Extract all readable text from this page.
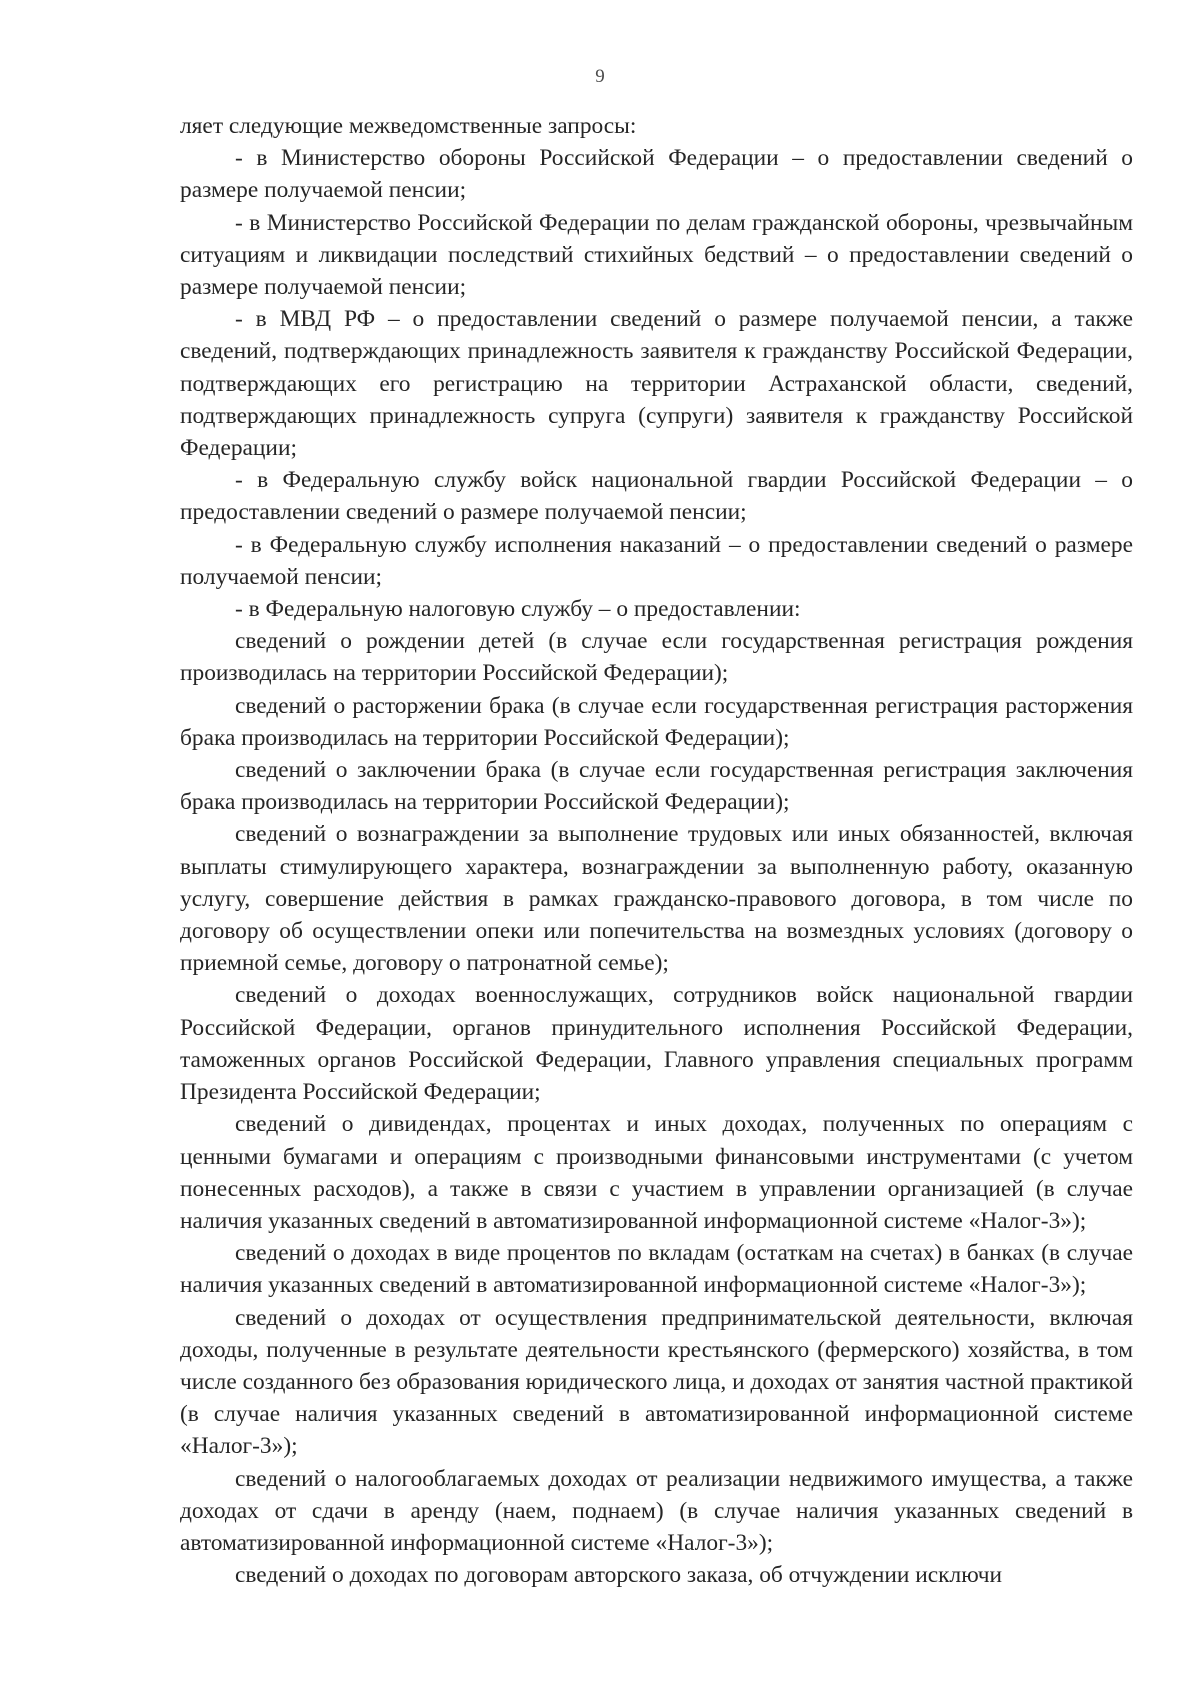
9

ляет следующие межведомственные запросы:

- в Министерство обороны Российской Федерации – о предоставлении сведений о размере получаемой пенсии;

- в Министерство Российской Федерации по делам гражданской обороны, чрезвычайным ситуациям и ликвидации последствий стихийных бедствий – о предоставлении сведений о размере получаемой пенсии;

- в МВД РФ – о предоставлении сведений о размере получаемой пенсии, а также сведений, подтверждающих принадлежность заявителя к гражданству Российской Федерации, подтверждающих его регистрацию на территории Астраханской области, сведений, подтверждающих принадлежность супруга (супруги) заявителя к гражданству Российской Федерации;

- в Федеральную службу войск национальной гвардии Российской Федерации – о предоставлении сведений о размере получаемой пенсии;

- в Федеральную службу исполнения наказаний – о предоставлении сведений о размере получаемой пенсии;

- в Федеральную налоговую службу – о предоставлении:

сведений о рождении детей (в случае если государственная регистрация рождения производилась на территории Российской Федерации);

сведений о расторжении брака (в случае если государственная регистрация расторжения брака производилась на территории Российской Федерации);

сведений о заключении брака (в случае если государственная регистрация заключения брака производилась на территории Российской Федерации);

сведений о вознаграждении за выполнение трудовых или иных обязанностей, включая выплаты стимулирующего характера, вознаграждении за выполненную работу, оказанную услугу, совершение действия в рамках гражданско-правового договора, в том числе по договору об осуществлении опеки или попечительства на возмездных условиях (договору о приемной семье, договору о патронатной семье);

сведений о доходах военнослужащих, сотрудников войск национальной гвардии Российской Федерации, органов принудительного исполнения Российской Федерации, таможенных органов Российской Федерации, Главного управления специальных программ Президента Российской Федерации;

сведений о дивидендах, процентах и иных доходах, полученных по операциям с ценными бумагами и операциям с производными финансовыми инструментами (с учетом понесенных расходов), а также в связи с участием в управлении организацией (в случае наличия указанных сведений в автоматизированной информационной системе «Налог-3»);

сведений о доходах в виде процентов по вкладам (остаткам на счетах) в банках (в случае наличия указанных сведений в автоматизированной информационной системе «Налог-3»);

сведений о доходах от осуществления предпринимательской деятельности, включая доходы, полученные в результате деятельности крестьянского (фермерского) хозяйства, в том числе созданного без образования юридического лица, и доходах от занятия частной практикой (в случае наличия указанных сведений в автоматизированной информационной системе «Налог-3»);

сведений о налогооблагаемых доходах от реализации недвижимого имущества, а также доходах от сдачи в аренду (наем, поднаем) (в случае наличия указанных сведений в автоматизированной информационной системе «Налог-3»);

сведений о доходах по договорам авторского заказа, об отчуждении исключи
